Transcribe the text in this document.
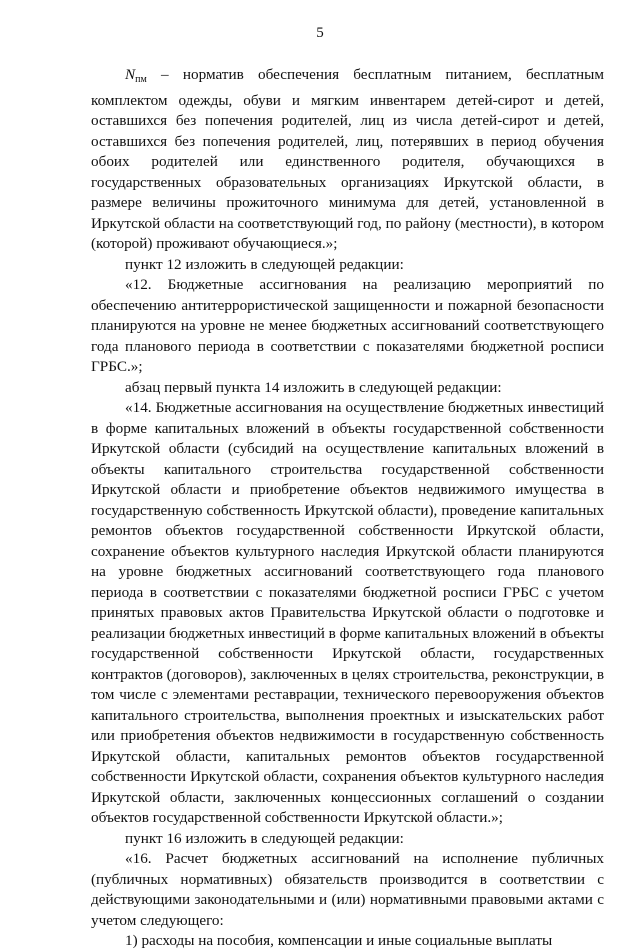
5

Nпм – норматив обеспечения бесплатным питанием, бесплатным комплектом одежды, обуви и мягким инвентарем детей-сирот и детей, оставшихся без попечения родителей, лиц из числа детей-сирот и детей, оставшихся без попечения родителей, лиц, потерявших в период обучения обоих родителей или единственного родителя, обучающихся в государственных образовательных организациях Иркутской области, в размере величины прожиточного минимума для детей, установленной в Иркутской области на соответствующий год, по району (местности), в котором (которой) проживают обучающиеся.»;

пункт 12 изложить в следующей редакции:

«12. Бюджетные ассигнования на реализацию мероприятий по обеспечению антитеррористической защищенности и пожарной безопасности планируются на уровне не менее бюджетных ассигнований соответствующего года планового периода в соответствии с показателями бюджетной росписи ГРБС.»;

абзац первый пункта 14 изложить в следующей редакции:

«14. Бюджетные ассигнования на осуществление бюджетных инвестиций в форме капитальных вложений в объекты государственной собственности Иркутской области (субсидий на осуществление капитальных вложений в объекты капитального строительства государственной собственности Иркутской области и приобретение объектов недвижимого имущества в государственную собственность Иркутской области), проведение капитальных ремонтов объектов государственной собственности Иркутской области, сохранение объектов культурного наследия Иркутской области планируются на уровне бюджетных ассигнований соответствующего года планового периода в соответствии с показателями бюджетной росписи ГРБС с учетом принятых правовых актов Правительства Иркутской области о подготовке и реализации бюджетных инвестиций в форме капитальных вложений в объекты государственной собственности Иркутской области, государственных контрактов (договоров), заключенных в целях строительства, реконструкции, в том числе с элементами реставрации, технического перевооружения объектов капитального строительства, выполнения проектных и изыскательских работ или приобретения объектов недвижимости в государственную собственность Иркутской области, капитальных ремонтов объектов государственной собственности Иркутской области, сохранения объектов культурного наследия Иркутской области, заключенных концессионных соглашений о создании объектов государственной собственности Иркутской области.»;

пункт 16 изложить в следующей редакции:

«16. Расчет бюджетных ассигнований на исполнение публичных (публичных нормативных) обязательств производится в соответствии с действующими законодательными и (или) нормативными правовыми актами с учетом следующего:

1) расходы на пособия, компенсации и иные социальные выплаты
